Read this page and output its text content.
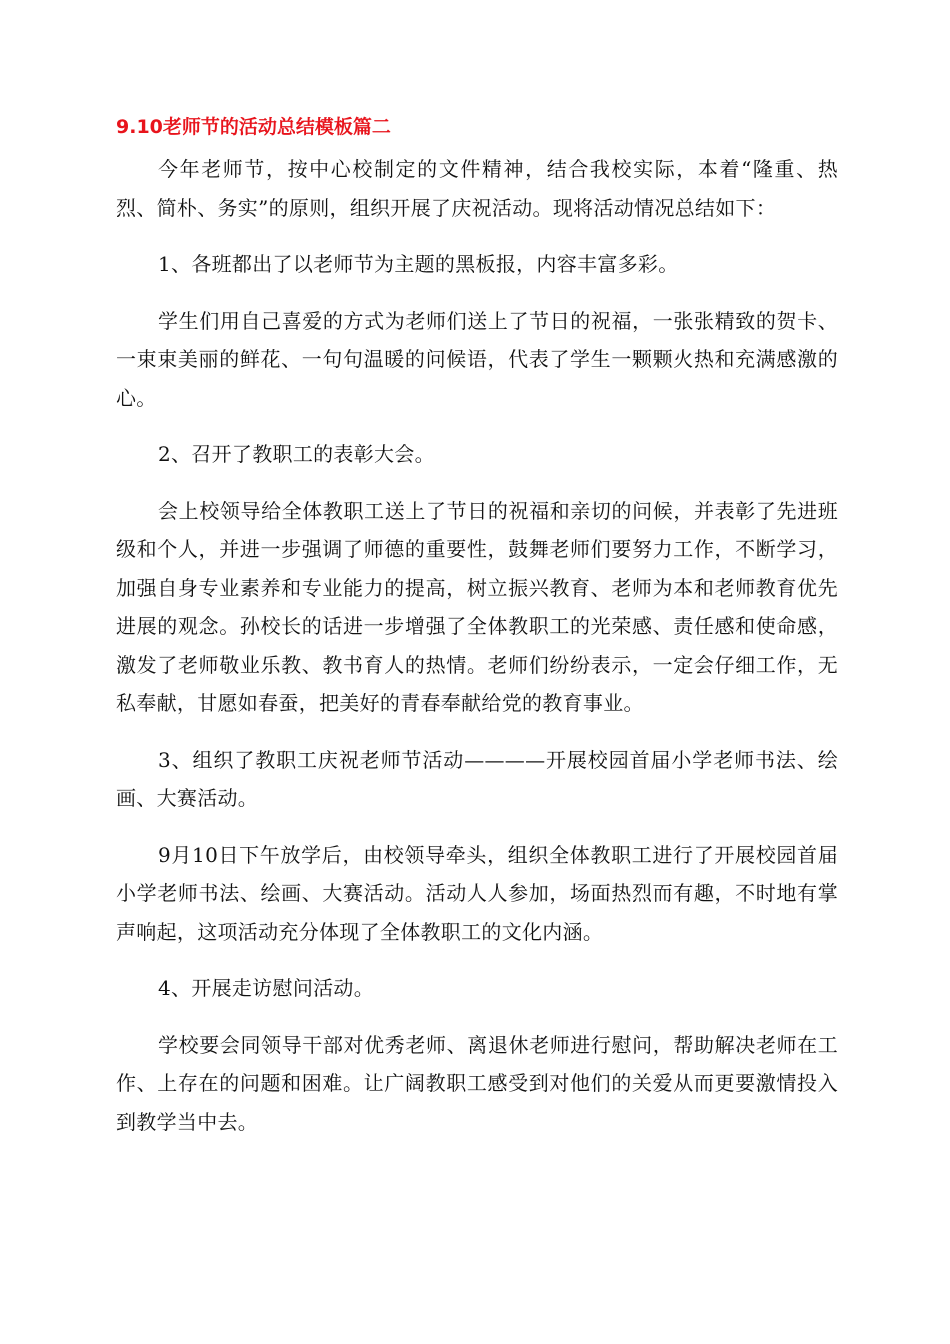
9.10老师节的活动总结模板篇二

今年老师节，按中心校制定的文件精神，结合我校实际，本着“隆重、热烈、简朴、务实”的原则，组织开展了庆祝活动。现将活动情况总结如下：

1、各班都出了以老师节为主题的黑板报，内容丰富多彩。

学生们用自己喜爱的方式为老师们送上了节日的祝福，一张张精致的贺卡、一束束美丽的鲜花、一句句温暖的问候语，代表了学生一颗颗火热和充满感激的心。

2、召开了教职工的表彰大会。

会上校领导给全体教职工送上了节日的祝福和亲切的问候，并表彰了先进班级和个人，并进一步强调了师德的重要性，鼓舞老师们要努力工作，不断学习，加强自身专业素养和专业能力的提高，树立振兴教育、老师为本和老师教育优先进展的观念。孙校长的话进一步增强了全体教职工的光荣感、责任感和使命感，激发了老师敬业乐教、教书育人的热情。老师们纷纷表示，一定会仔细工作，无私奉献，甘愿如春蚕，把美好的青春奉献给党的教育事业。

3、组织了教职工庆祝老师节活动————开展校园首届小学老师书法、绘画、大赛活动。

9月10日下午放学后，由校领导牵头，组织全体教职工进行了开展校园首届小学老师书法、绘画、大赛活动。活动人人参加，场面热烈而有趣，不时地有掌声响起，这项活动充分体现了全体教职工的文化内涵。

4、开展走访慰问活动。

学校要会同领导干部对优秀老师、离退休老师进行慰问，帮助解决老师在工作、上存在的问题和困难。让广阔教职工感受到对他们的关爱从而更要激情投入到教学当中去。
